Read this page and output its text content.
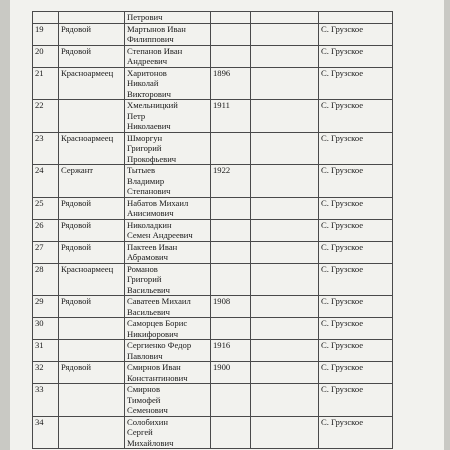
		Петрович			

19	Рядовой	Мартынов Иван
Филиппович			С. Грузское
20	Рядовой	Степанов Иван
Андреевич			С. Грузское
21	Красноармеец	Харитонов
Николай
Викторович	1896		С. Грузское
22		Хмельницкий
Петр
Николаевич	1911		С. Грузское
23	Красноармеец	Шморгун
Григорий
Прокофьевич			С. Грузское
24	Сержант	Тытыев
Владимир
Степанович	1922		С. Грузское
25	Рядовой	Набатов Михаил
Анисимович			С. Грузское
26	Рядовой	Николадкин
Семен Андреевич			С. Грузское
27	Рядовой	Пактеев Иван
Абрамович			С. Грузское
28	Красноармеец	Романов
Григорий
Васильевич			С. Грузское
29	Рядовой	Саватеев Михаил
Васильевич	1908		С. Грузское
30		Саморцев Борис
Никифорович			С. Грузское
31		Сергиенко Федор
Павлович	1916		С. Грузское
32	Рядовой	Смирнов Иван
Константинович	1900		С. Грузское
33		Смирнов
Тимофей
Семенович			С. Грузское
34		Солобихин
Сергей
Михайлович			С. Грузское
